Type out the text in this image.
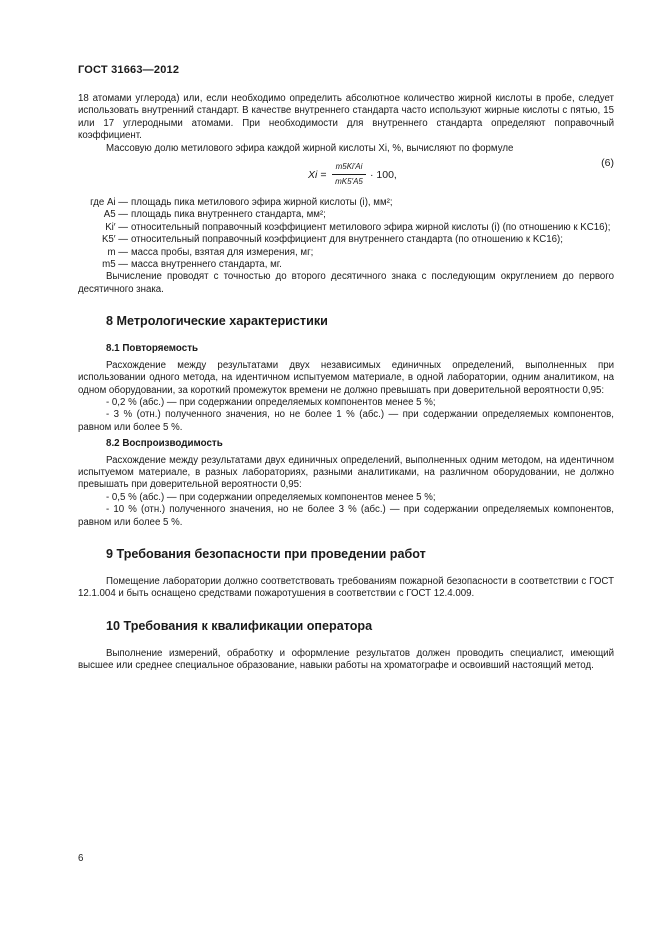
ГОСТ 31663—2012

18 атомами углерода) или, если необходимо определить абсолютное количество жирной кислоты в пробе, следует использовать внутренний стандарт. В качестве внутреннего стандарта часто используют жирные кислоты с пятью, 15 или 17 углеродными атомами. При необходимости для внутреннего стандарта определяют поправочный коэффициент.

Массовую долю метилового эфира каждой жирной кислоты Xi, %, вычисляют по формуле

$Xi = \frac{m5Ki'Ai}{mK5'A5} \cdot 100$,
(6)
где Ai — площадь пика метилового эфира жирной кислоты (i), мм²;
A5 — площадь пика внутреннего стандарта, мм²;
Ki′ — относительный поправочный коэффициент метилового эфира жирной кислоты (i) (по отношению к KC16);
K5′ — относительный поправочный коэффициент для внутреннего стандарта (по отношению к KC16);
m — масса пробы, взятая для измерения, мг;
m5 — масса внутреннего стандарта, мг.

Вычисление проводят с точностью до второго десятичного знака с последующим округлением до первого десятичного знака.

8 Метрологические характеристики
8.1 Повторяемость

Расхождение между результатами двух независимых единичных определений, выполненных при использовании одного метода, на идентичном испытуемом материале, в одной лаборатории, одним аналитиком, на одном оборудовании, за короткий промежуток времени не должно превышать при доверительной вероятности 0,95:

- 0,2 % (абс.) — при содержании определяемых компонентов менее 5 %;

- 3 % (отн.) полученного значения, но не более 1 % (абс.) — при содержании определяемых компонентов, равном или более 5 %.

8.2 Воспроизводимость

Расхождение между результатами двух единичных определений, выполненных одним методом, на идентичном испытуемом материале, в разных лабораториях, разными аналитиками, на различном оборудовании, не должно превышать при доверительной вероятности 0,95:

- 0,5 % (абс.) — при содержании определяемых компонентов менее 5 %;

- 10 % (отн.) полученного значения, но не более 3 % (абс.) — при содержании определяемых компонентов, равном или более 5 %.

9 Требования безопасности при проведении работ

Помещение лаборатории должно соответствовать требованиям пожарной безопасности в соответствии с ГОСТ 12.1.004 и быть оснащено средствами пожаротушения в соответствии с ГОСТ 12.4.009.

10 Требования к квалификации оператора

Выполнение измерений, обработку и оформление результатов должен проводить специалист, имеющий высшее или среднее специальное образование, навыки работы на хроматографе и освоивший настоящий метод.

6
